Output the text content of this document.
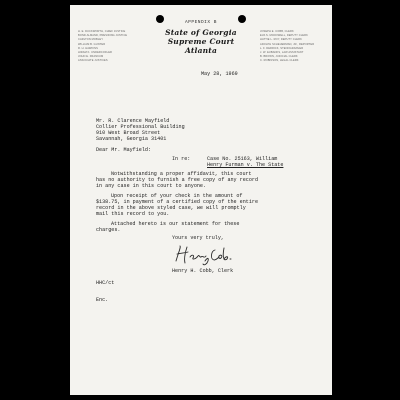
APPENDIX B
H. E. DUCKWORTH, CHIEF JUSTICE
BOND ALMAND, PRESIDING JUSTICE
CARLTON MOBLEY
WILLIAM B. GUNTER
R. H. HAWKINS
HIRAM K. UNDERCOFLER
JOHN E. FRANKUM
ASSOCIATE JUSTICES
State of Georgia
Supreme Court
Atlanta
JOSEPH E. COBB, CLERK
EVA S. MCDOWELL, DEPUTY CLERK
HATTIE L. ROY, DEPUTY CLERK
ADOLPH SCHEUERMAN, JR., REPORTER
L. F. DERRICK, STENOGRAPHER
J. W. EUBANKS, LAW ASSISTANT
B. BROWN, JUDICIAL CLERK
C. ROBINSON, LEGAL CLERK
May 28, 1969
Mr. R. Clarence Mayfield
Collier Professional Building
910 West Broad Street
Savannah, Georgia 31401
Dear Mr. Mayfield:
In re:	Case No. 25163, William
Henry Furman v. The State
Notwithstanding a proper affidavit, this court
has no authority to furnish a free copy of any record
in any case in this court to anyone.
Upon receipt of your check in the amount of
$138.75, in payment of a certified copy of the entire
record in the above styled case, we will promptly
mail this record to you.
Attached hereto is our statement for these
charges.
Yours very truly,
Henry H. Cobb, Clerk
HHC/ct
Enc.
